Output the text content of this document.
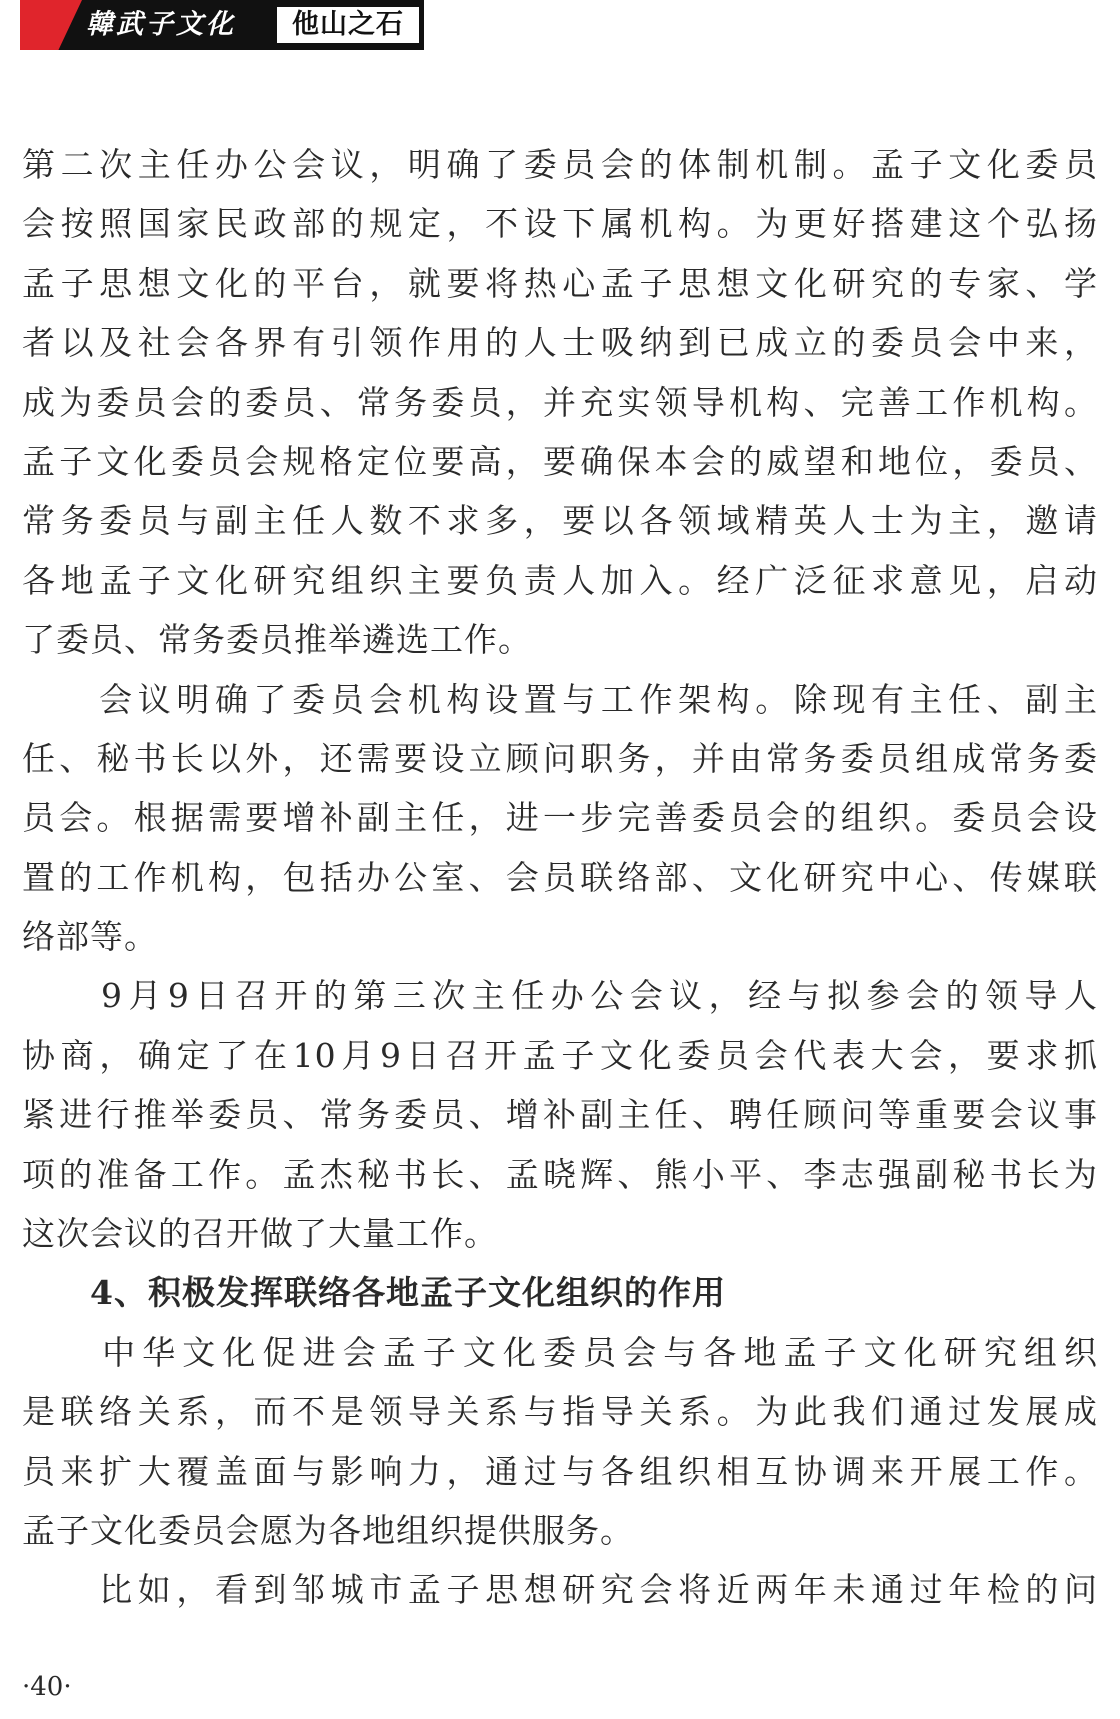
韓武子文化	他山之石
第二次主任办公会议，明确了委员会的体制机制。孟子文化委员
会按照国家民政部的规定，不设下属机构。为更好搭建这个弘扬
孟子思想文化的平台，就要将热心孟子思想文化研究的专家、学
者以及社会各界有引领作用的人士吸纳到已成立的委员会中来，
成为委员会的委员、常务委员，并充实领导机构、完善工作机构。
孟子文化委员会规格定位要高，要确保本会的威望和地位，委员、
常务委员与副主任人数不求多，要以各领域精英人士为主，邀请
各地孟子文化研究组织主要负责人加入。经广泛征求意见，启动
了委员、常务委员推举遴选工作。
　　会议明确了委员会机构设置与工作架构。除现有主任、副主
任、秘书长以外，还需要设立顾问职务，并由常务委员组成常务委
员会。根据需要增补副主任，进一步完善委员会的组织。委员会设
置的工作机构，包括办公室、会员联络部、文化研究中心、传媒联
络部等。
　　9月9日召开的第三次主任办公会议，经与拟参会的领导人
协商，确定了在10月9日召开孟子文化委员会代表大会，要求抓
紧进行推举委员、常务委员、增补副主任、聘任顾问等重要会议事
项的准备工作。孟杰秘书长、孟晓辉、熊小平、李志强副秘书长为
这次会议的召开做了大量工作。
　　4、积极发挥联络各地孟子文化组织的作用
　　中华文化促进会孟子文化委员会与各地孟子文化研究组织
是联络关系，而不是领导关系与指导关系。为此我们通过发展成
员来扩大覆盖面与影响力，通过与各组织相互协调来开展工作。
孟子文化委员会愿为各地组织提供服务。
　　比如，看到邹城市孟子思想研究会将近两年未通过年检的问
·40·
